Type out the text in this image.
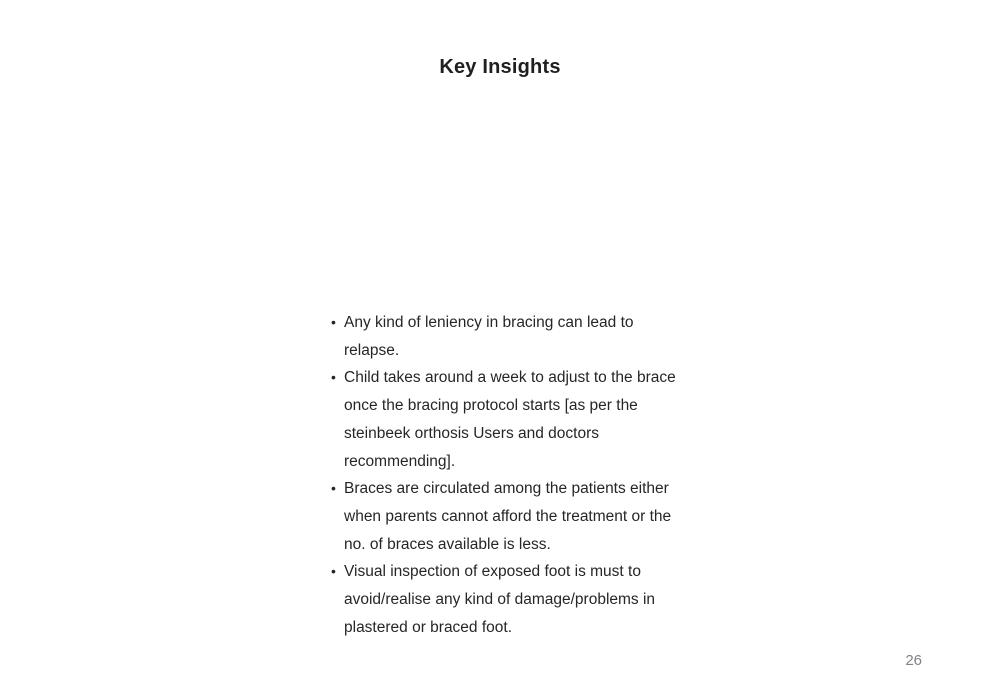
Key Insights
• Any kind of leniency in bracing can lead to
relapse.
• Child takes around a week to adjust to the brace
once the bracing protocol starts [as per the
steinbeek orthosis Users and doctors
recommending].
• Braces are circulated among the patients either
when parents cannot afford the treatment or the
no. of braces available is less.
• Visual inspection of exposed foot is must to
avoid/realise any kind of damage/problems in
plastered or braced foot.
26
